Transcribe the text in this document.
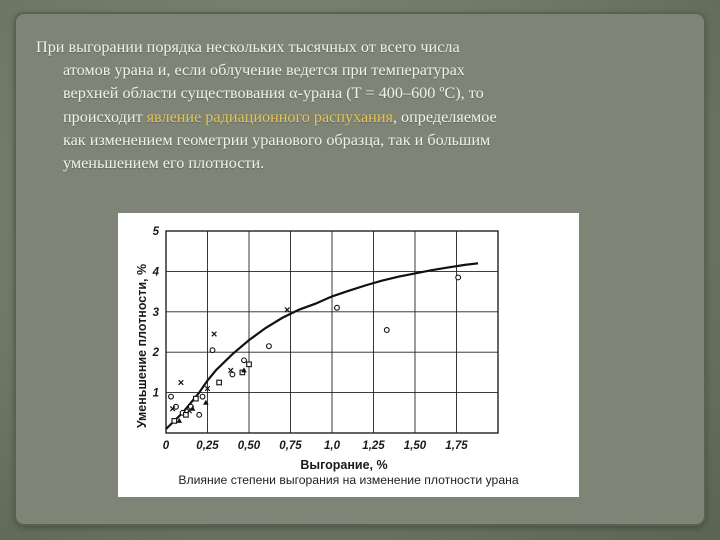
При выгорании порядка нескольких тысячных от всего числа
атомов урана и, если облучение ведется при температурах
верхней области существования α-урана (Т = 400–600 ºС), то
происходит явление радиационного распухания, определяемое
как изменением геометрии уранового образца, так и большим
уменьшением его плотности.
Уменьшение плотности, %
Выгорание, %
0 0,25 0,50 0,75 1,0 1,25 1,50 1,75
1
2
3
4
5
Влияние степени выгорания на изменение плотности урана
